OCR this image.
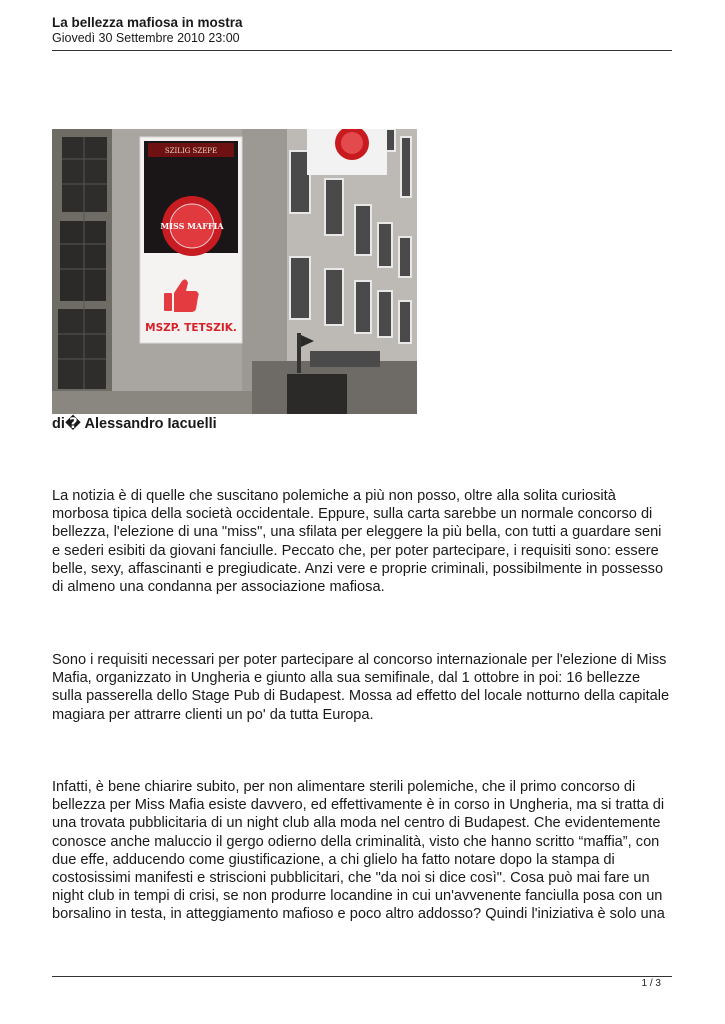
La bellezza mafiosa in mostra
Giovedì 30 Settembre 2010 23:00
SZILIG SZEPE
MISS MAFFIA
MSZP. TETSZIK.
di� Alessandro Iacuelli

La notizia è di quelle che suscitano polemiche a più non posso, oltre alla solita curiosità morbosa tipica della società occidentale. Eppure, sulla carta sarebbe un normale concorso di bellezza, l'elezione di una "miss", una sfilata per eleggere la più bella, con tutti a guardare seni e sederi esibiti da giovani fanciulle. Peccato che, per poter partecipare, i requisiti sono: essere belle, sexy, affascinanti e pregiudicate. Anzi vere e proprie criminali, possibilmente in possesso di almeno una condanna per associazione mafiosa.

Sono i requisiti necessari per poter partecipare al concorso internazionale per l'elezione di Miss Mafia, organizzato in Ungheria e giunto alla sua semifinale, dal 1 ottobre in poi: 16 bellezze sulla passerella dello Stage Pub di Budapest. Mossa ad effetto del locale notturno della capitale magiara per attrarre clienti un po' da tutta Europa.

Infatti, è bene chiarire subito, per non alimentare sterili polemiche, che il primo concorso di bellezza per Miss Mafia esiste davvero, ed effettivamente è in corso in Ungheria, ma si tratta di una trovata pubblicitaria di un night club alla moda nel centro di Budapest. Che evidentemente conosce anche maluccio il gergo odierno della criminalità, visto che hanno scritto “maffia”, con due effe, adducendo come giustificazione, a chi glielo ha fatto notare dopo la stampa di costosissimi manifesti e striscioni pubblicitari, che "da noi si dice così". Cosa può mai fare un night club in tempi di crisi, se non produrre locandine in cui un'avvenente fanciulla posa con un borsalino in testa, in atteggiamento mafioso e poco altro addosso? Quindi l'iniziativa è solo una

1 / 3
